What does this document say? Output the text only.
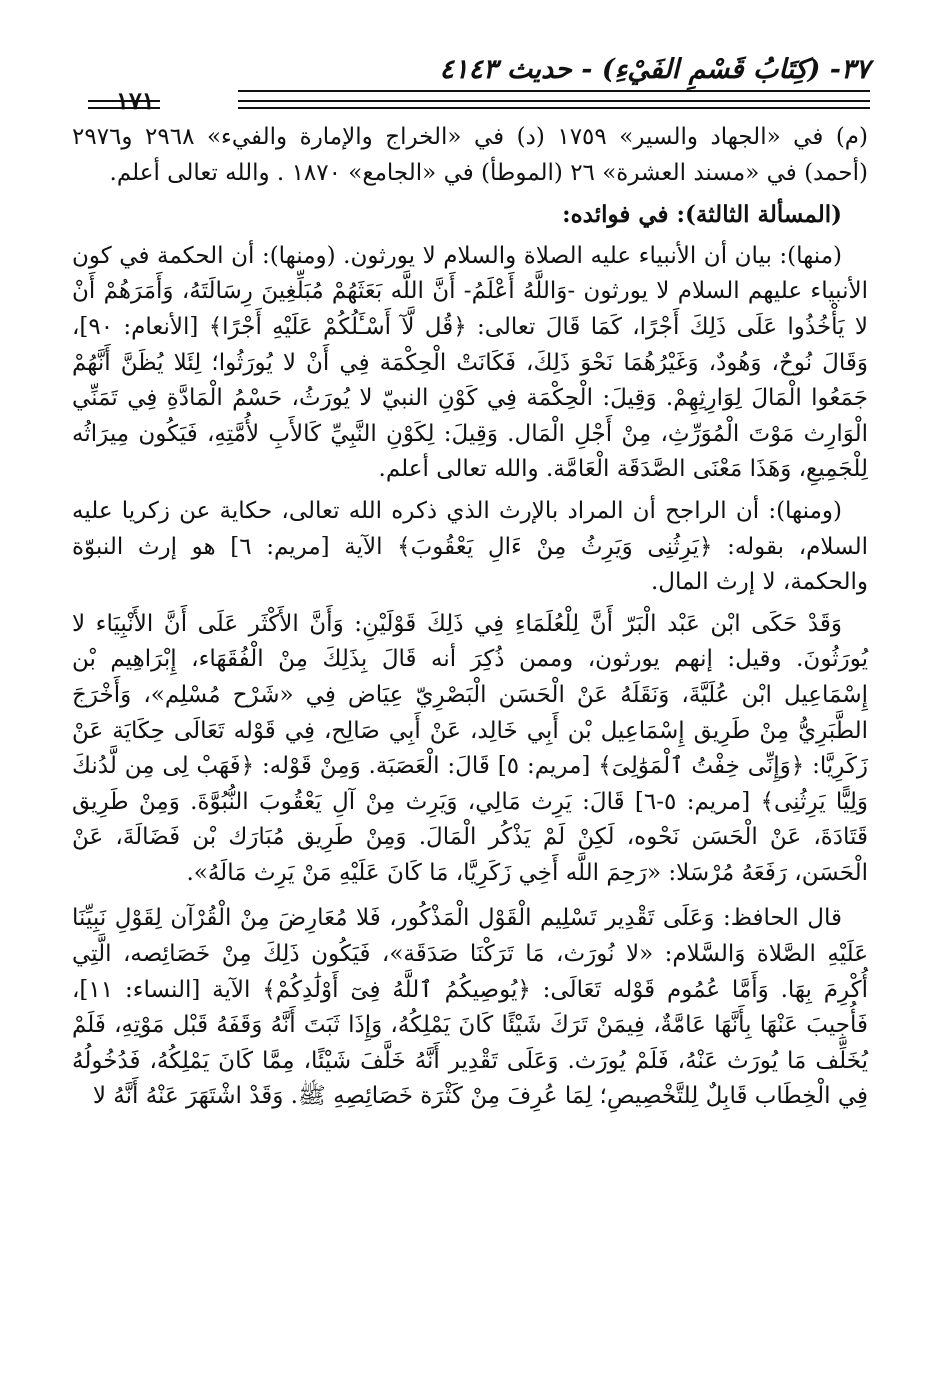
٣٧- (كِتَابُ قَسْمِ الفَيْءِ) - حديث ٤١٤٣
١٧١

(م) في «الجهاد والسير» ١٧٥٩ (د) في «الخراج والإمارة والفيء» ٢٩٦٨ و٢٩٧٦ (أحمد) في «مسند العشرة» ٢٦ (الموطأ) في «الجامع» ١٨٧٠ . والله تعالى أعلم.

(المسألة الثالثة): في فوائده:

(منها): بيان أن الأنبياء عليه الصلاة والسلام لا يورثون. (ومنها): أن الحكمة في كون الأنبياء عليهم السلام لا يورثون -وَاللَّهُ أَعْلَمُ- أَنَّ اللَّه بَعَثَهُمْ مُبَلِّغِينَ رِسَالَتَهُ، وَأَمَرَهُمْ أَنْ لا يَأْخُذُوا عَلَى ذَلِكَ أَجْرًا، كَمَا قَالَ تعالى: ﴿قُل لَّآ أَسْـَٔلُكُمْ عَلَيْهِ أَجْرًا﴾ [الأنعام: ٩٠]، وَقَالَ نُوحٌ، وَهُودٌ، وَغَيْرُهُمَا نَحْوَ ذَلِكَ، فَكَانَتْ الْحِكْمَة فِي أَنْ لا يُورَثُوا؛ لِئَلا يُظَنَّ أَنَّهُمْ جَمَعُوا الْمَالَ لِوَارِثِهِمْ. وَقِيلَ: الْحِكْمَة فِي كَوْنِ النبيّ لا يُورَثُ، حَسْمُ الْمَادَّةِ فِي تَمَنِّي الْوَارِث مَوْتَ الْمُوَرِّثِ، مِنْ أَجْلِ الْمَال. وَقِيلَ: لِكَوْنِ النَّبِيِّ كَالأَبِ لأُمَّتِهِ، فَيَكُون مِيرَاثُه لِلْجَمِيعِ، وَهَذَا مَعْنَى الصَّدَقَة الْعَامَّة. والله تعالى أعلم.

(ومنها): أن الراجح أن المراد بالإرث الذي ذكره الله تعالى، حكاية عن زكريا عليه السلام، بقوله: ﴿يَرِثُنِى وَيَرِثُ مِنْ ءَالِ يَعْقُوبَ﴾ الآية [مريم: ٦] هو إرث النبوّة والحكمة، لا إرث المال.

وَقَدْ حَكَى ابْن عَبْد الْبَرّ أَنَّ لِلْعُلَمَاءِ فِي ذَلِكَ قَوْلَيْنِ: وَأَنَّ الأَكْثَر عَلَى أَنَّ الأَنْبِيَاء لا يُورَثُونَ. وقيل: إنهم يورثون، وممن ذُكِرَ أنه قَالَ بِذَلِكَ مِنْ الْفُقَهَاء، إِبْرَاهِيم بْن إِسْمَاعِيل ابْن عُلَيَّةَ، وَنَقَلَهُ عَنْ الْحَسَن الْبَصْرِيّ عِيَاض فِي «شَرْح مُسْلِم»، وَأَخْرَجَ الطَّبَرِيُّ مِنْ طَرِيق إِسْمَاعِيل بْن أَبِي خَالِد، عَنْ أَبِي صَالِح، فِي قَوْله تَعَالَى حِكَايَة عَنْ زَكَرِيَّا: ﴿وَإِنِّى خِفْتُ ٱلْمَوَٰلِىَ﴾ [مريم: ٥] قَالَ: الْعَصَبَة. وَمِنْ قَوْله: ﴿فَهَبْ لِى مِن لَّدُنكَ وَلِيًّا يَرِثُنِى﴾ [مريم: ٥-٦] قَالَ: يَرِث مَالِي، وَيَرِث مِنْ آلِ يَعْقُوبَ النُّبُوَّةَ. وَمِنْ طَرِيق قَتَادَةَ، عَنْ الْحَسَن نَحْوه، لَكِنْ لَمْ يَذْكُر الْمَالَ. وَمِنْ طَرِيق مُبَارَك بْن فَضَالَةَ، عَنْ الْحَسَن، رَفَعَهُ مُرْسَلا: «رَحِمَ اللَّه أَخِي زَكَرِيَّا، مَا كَانَ عَلَيْهِ مَنْ يَرِث مَالَهُ».

قال الحافظ: وَعَلَى تَقْدِير تَسْلِيم الْقَوْل الْمَذْكُور، فَلا مُعَارِضَ مِنْ الْقُرْآن لِقَوْلِ نَبِيِّنَا عَلَيْهِ الصَّلاة وَالسَّلام: «لا نُورَث، مَا تَرَكْنَا صَدَقَة»، فَيَكُون ذَلِكَ مِنْ خَصَائِصه، الَّتِي أُكْرِمَ بِهَا. وَأَمَّا عُمُوم قَوْله تَعَالَى: ﴿يُوصِيكُمُ ٱللَّهُ فِىٓ أَوْلَٰدِكُمْ﴾ الآية [النساء: ١١]، فَأُجِيبَ عَنْهَا بِأَنَّهَا عَامَّةٌ، فِيمَنْ تَرَكَ شَيْئًا كَانَ يَمْلِكُهُ، وَإِذَا ثَبَتَ أَنَّهُ وَقَفَهُ قَبْل مَوْتِهِ، فَلَمْ يُخَلِّف مَا يُورَث عَنْهُ، فَلَمْ يُورَث. وَعَلَى تَقْدِير أَنَّهُ خَلَّفَ شَيْئًا، مِمَّا كَانَ يَمْلِكُهُ، فَدُخُولُهُ فِي الْخِطَاب قَابِلٌ لِلتَّخْصِيصِ؛ لِمَا عُرِفَ مِنْ كَثْرَة خَصَائِصِهِ ﷺ. وَقَدْ اشْتَهَرَ عَنْهُ أَنَّهُ لا
